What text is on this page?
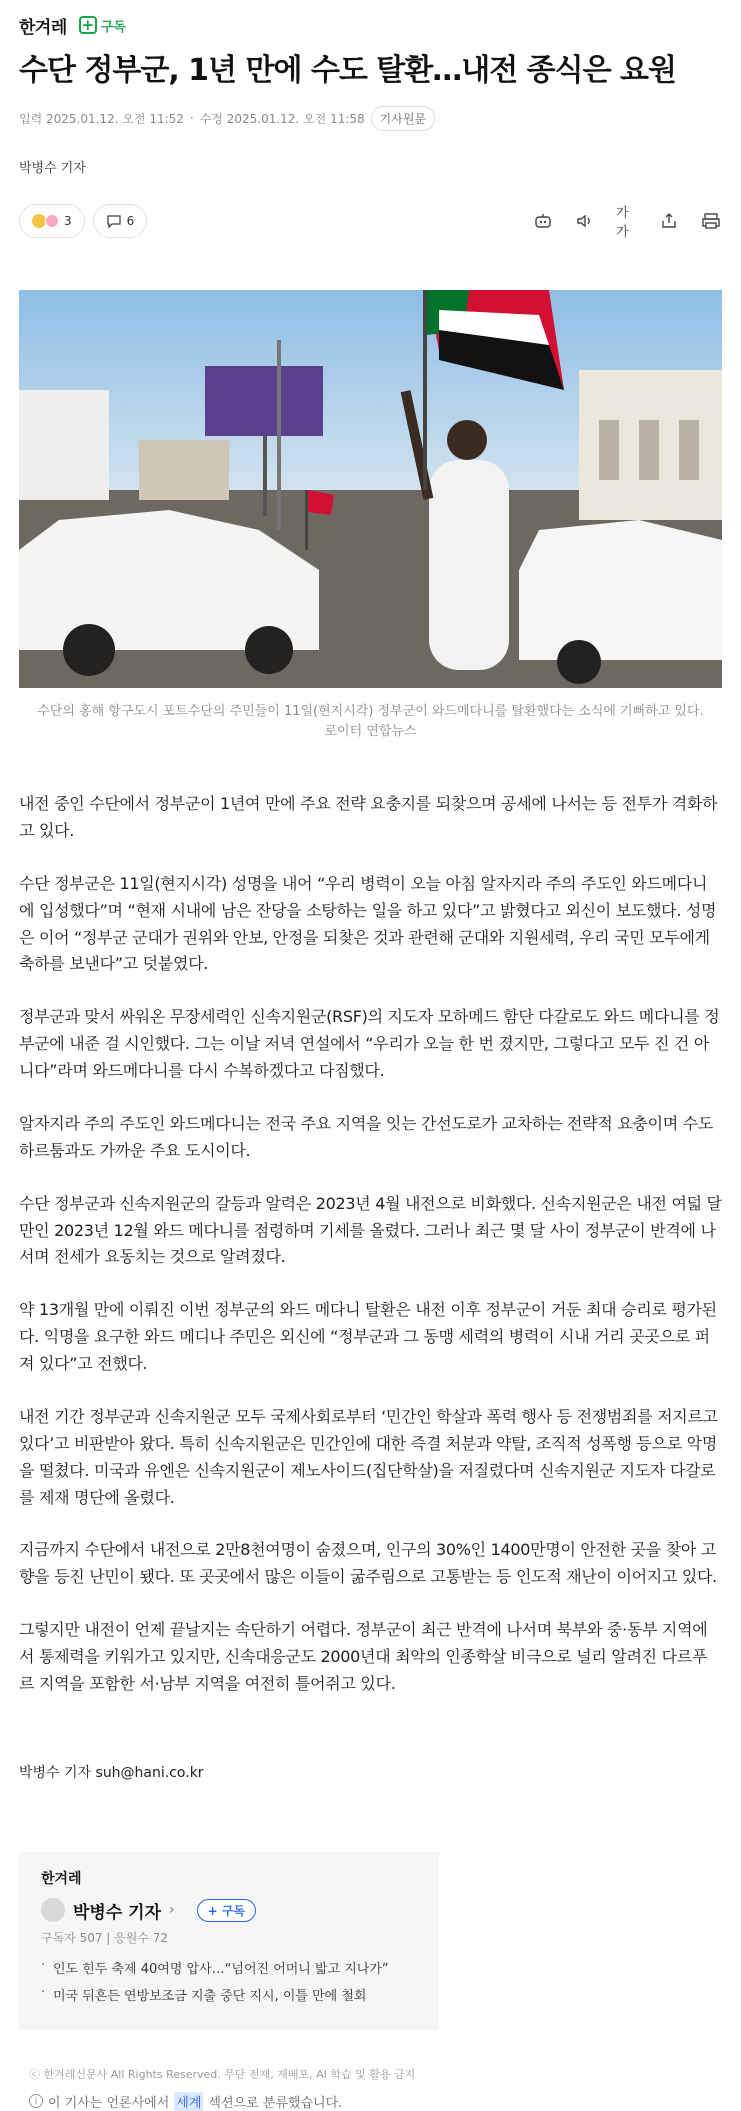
한겨레 + 구독
수단 정부군, 1년 만에 수도 탈환…내전 종식은 요원
입력 2025.01.12. 오전 11:52 · 수정 2025.01.12. 오전 11:58	기사원문
박병수 기자
3	6	가가

수단의 홍해 항구도시 포트수단의 주민들이 11일(현지시각) 정부군이 와드메다니를 탈환했다는 소식에 기뻐하고 있다. 로이터 연합뉴스

내전 중인 수단에서 정부군이 1년여 만에 주요 전략 요충지를 되찾으며 공세에 나서는 등 전투가 격화하고 있다.

수단 정부군은 11일(현지시각) 성명을 내어 “우리 병력이 오늘 아침 알자지라 주의 주도인 와드메다니에 입성했다”며 “현재 시내에 남은 잔당을 소탕하는 일을 하고 있다”고 밝혔다고 외신이 보도했다. 성명은 이어 “정부군 군대가 권위와 안보, 안정을 되찾은 것과 관련해 군대와 지원세력, 우리 국민 모두에게 축하를 보낸다”고 덧붙였다.

정부군과 맞서 싸워온 무장세력인 신속지원군(RSF)의 지도자 모하메드 함단 다갈로도 와드 메다니를 정부군에 내준 걸 시인했다. 그는 이날 저녁 연설에서 “우리가 오늘 한 번 졌지만, 그렇다고 모두 진 건 아니다”라며 와드메다니를 다시 수복하겠다고 다짐했다.

알자지라 주의 주도인 와드메다니는 전국 주요 지역을 잇는 간선도로가 교차하는 전략적 요충이며 수도 하르툼과도 가까운 주요 도시이다.

수단 정부군과 신속지원군의 갈등과 알력은 2023년 4월 내전으로 비화했다. 신속지원군은 내전 여덟 달 만인 2023년 12월 와드 메다니를 점령하며 기세를 올렸다. 그러나 최근 몇 달 사이 정부군이 반격에 나서며 전세가 요동치는 것으로 알려졌다.

약 13개월 만에 이뤄진 이번 정부군의 와드 메다니 탈환은 내전 이후 정부군이 거둔 최대 승리로 평가된다. 익명을 요구한 와드 메디나 주민은 외신에 “정부군과 그 동맹 세력의 병력이 시내 거리 곳곳으로 퍼져 있다”고 전했다.

내전 기간 정부군과 신속지원군 모두 국제사회로부터 ‘민간인 학살과 폭력 행사 등 전쟁범죄를 저지르고 있다’고 비판받아 왔다. 특히 신속지원군은 민간인에 대한 즉결 처분과 약탈, 조직적 성폭행 등으로 악명을 떨쳤다. 미국과 유엔은 신속지원군이 제노사이드(집단학살)을 저질렀다며 신속지원군 지도자 다갈로를 제재 명단에 올렸다.

지금까지 수단에서 내전으로 2만8천여명이 숨졌으며, 인구의 30%인 1400만명이 안전한 곳을 찾아 고향을 등진 난민이 됐다. 또 곳곳에서 많은 이들이 굶주림으로 고통받는 등 인도적 재난이 이어지고 있다.

그렇지만 내전이 언제 끝날지는 속단하기 어렵다. 정부군이 최근 반격에 나서며 북부와 중·동부 지역에서 통제력을 키워가고 있지만, 신속대응군도 2000년대 최악의 인종학살 비극으로 널리 알려진 다르푸르 지역을 포함한 서·남부 지역을 여전히 틀어쥐고 있다.

박병수 기자 suh@hani.co.kr
한겨레
박병수 기자 ›	+ 구독
구독자 507 | 응원수 72
· 인도 힌두 축제 40여명 압사…“넘어진 어머니 밟고 지나가”
· 미국 뒤흔든 연방보조금 지출 중단 지시, 이틀 만에 철회
ⓒ 한겨레신문사 All Rights Reserved. 무단 전재, 재배포, AI 학습 및 활용 금지
i 이 기사는 언론사에서 세계 섹션으로 분류했습니다.
